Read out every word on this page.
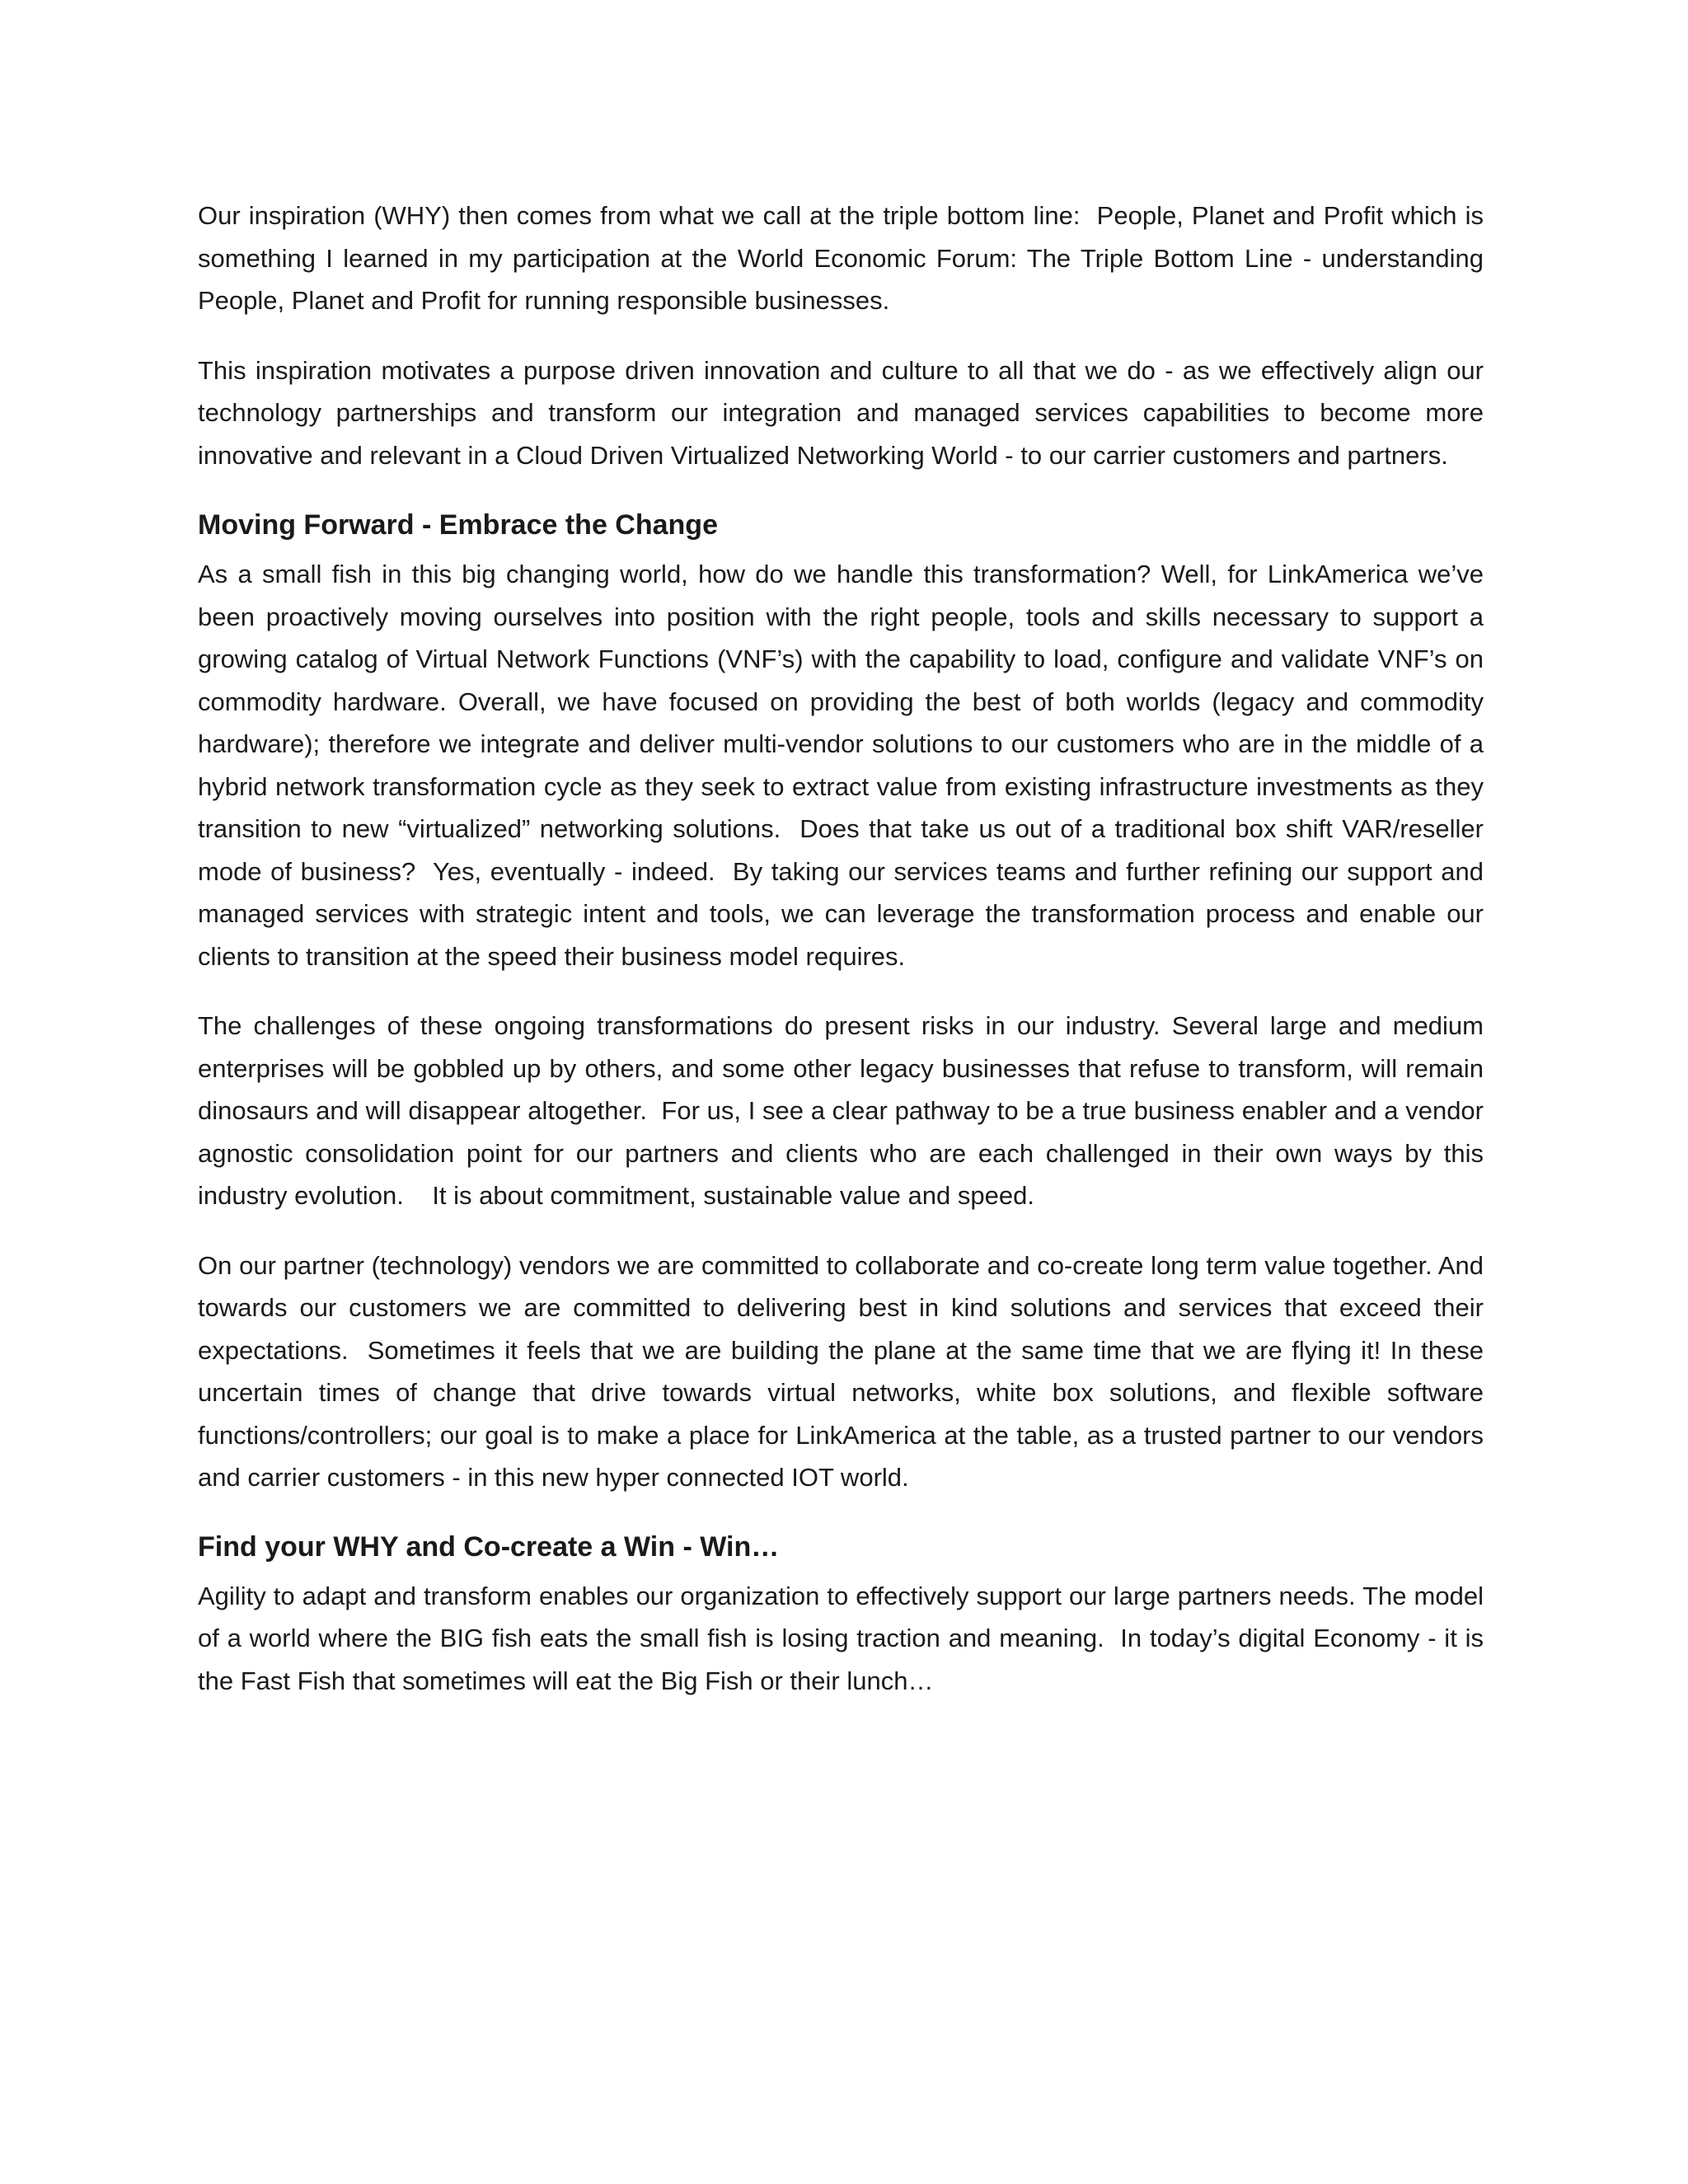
Our inspiration (WHY) then comes from what we call at the triple bottom line:  People, Planet and Profit which is something I learned in my participation at the World Economic Forum: The Triple Bottom Line - understanding People, Planet and Profit for running responsible businesses.

This inspiration motivates a purpose driven innovation and culture to all that we do - as we effectively align our technology partnerships and transform our integration and managed services capabilities to become more innovative and relevant in a Cloud Driven Virtualized Networking World - to our carrier customers and partners.

Moving Forward - Embrace the Change

As a small fish in this big changing world, how do we handle this transformation? Well, for LinkAmerica we’ve been proactively moving ourselves into position with the right people, tools and skills necessary to support a growing catalog of Virtual Network Functions (VNF’s) with the capability to load, configure and validate VNF’s on commodity hardware. Overall, we have focused on providing the best of both worlds (legacy and commodity hardware); therefore we integrate and deliver multi-vendor solutions to our customers who are in the middle of a hybrid network transformation cycle as they seek to extract value from existing infrastructure investments as they transition to new “virtualized” networking solutions.  Does that take us out of a traditional box shift VAR/reseller mode of business?  Yes, eventually - indeed.  By taking our services teams and further refining our support and managed services with strategic intent and tools, we can leverage the transformation process and enable our clients to transition at the speed their business model requires.

The challenges of these ongoing transformations do present risks in our industry. Several large and medium enterprises will be gobbled up by others, and some other legacy businesses that refuse to transform, will remain dinosaurs and will disappear altogether.  For us, I see a clear pathway to be a true business enabler and a vendor agnostic consolidation point for our partners and clients who are each challenged in their own ways by this industry evolution.    It is about commitment, sustainable value and speed.

On our partner (technology) vendors we are committed to collaborate and co-create long term value together. And towards our customers we are committed to delivering best in kind solutions and services that exceed their expectations.  Sometimes it feels that we are building the plane at the same time that we are flying it! In these uncertain times of change that drive towards virtual networks, white box solutions, and flexible software functions/controllers; our goal is to make a place for LinkAmerica at the table, as a trusted partner to our vendors and carrier customers - in this new hyper connected IOT world.

Find your WHY and Co-create a Win - Win…

Agility to adapt and transform enables our organization to effectively support our large partners needs. The model of a world where the BIG fish eats the small fish is losing traction and meaning.  In today’s digital Economy - it is the Fast Fish that sometimes will eat the Big Fish or their lunch…
